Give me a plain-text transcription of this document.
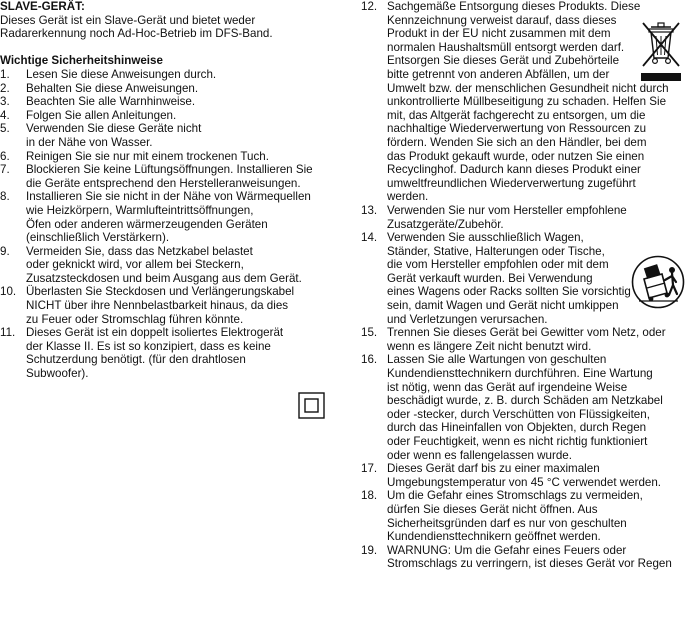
SLAVE-GERÄT:
Dieses Gerät ist ein Slave-Gerät und bietet weder
Radarerkennung noch Ad-Hoc-Betrieb im DFS-Band.
Wichtige Sicherheitshinweise
1. Lesen Sie diese Anweisungen durch.
2. Behalten Sie diese Anweisungen.
3. Beachten Sie alle Warnhinweise.
4. Folgen Sie allen Anleitungen.
5. Verwenden Sie diese Geräte nicht
in der Nähe von Wasser.
6. Reinigen Sie sie nur mit einem trockenen Tuch.
7. Blockieren Sie keine Lüftungsöffnungen. Installieren Sie
die Geräte entsprechend den Herstelleranweisungen.
8. Installieren Sie sie nicht in der Nähe von Wärmequellen
wie Heizkörpern, Warmlufteintrittsöffnungen,
Öfen oder anderen wärmerzeugenden Geräten
(einschließlich Verstärkern).
9. Vermeiden Sie, dass das Netzkabel belastet
oder geknickt wird, vor allem bei Steckern,
Zusatzsteckdosen und beim Ausgang aus dem Gerät.
10. Überlasten Sie Steckdosen und Verlängerungskabel
NICHT über ihre Nennbelastbarkeit hinaus, da dies
zu Feuer oder Stromschlag führen könnte.
11. Dieses Gerät ist ein doppelt isoliertes Elektrogerät
der Klasse II. Es ist so konzipiert, dass es keine
Schutzerdung benötigt. (für den drahtlosen
Subwoofer).
12. Sachgemäße Entsorgung dieses Produkts. Diese
Kennzeichnung verweist darauf, dass dieses
Produkt in der EU nicht zusammen mit dem
normalen Haushaltsmüll entsorgt werden darf.
Entsorgen Sie dieses Gerät und Zubehörteile
bitte getrennt von anderen Abfällen, um der
Umwelt bzw. der menschlichen Gesundheit nicht durch
unkontrollierte Müllbeseitigung zu schaden. Helfen Sie
mit, das Altgerät fachgerecht zu entsorgen, um die
nachhaltige Wiederverwertung von Ressourcen zu
fördern. Wenden Sie sich an den Händler, bei dem
das Produkt gekauft wurde, oder nutzen Sie einen
Recyclinghof. Dadurch kann dieses Produkt einer
umweltfreundlichen Wiederverwertung zugeführt
werden.
13. Verwenden Sie nur vom Hersteller empfohlene
Zusatzgeräte/Zubehör.
14. Verwenden Sie ausschließlich Wagen,
Ständer, Stative, Halterungen oder Tische,
die vom Hersteller empfohlen oder mit dem
Gerät verkauft wurden. Bei Verwendung
eines Wagens oder Racks sollten Sie vorsichtig
sein, damit Wagen und Gerät nicht umkippen
und Verletzungen verursachen.
15. Trennen Sie dieses Gerät bei Gewitter vom Netz, oder
wenn es längere Zeit nicht benutzt wird.
16. Lassen Sie alle Wartungen von geschulten
Kundendiensttechnikern durchführen. Eine Wartung
ist nötig, wenn das Gerät auf irgendeine Weise
beschädigt wurde, z. B. durch Schäden am Netzkabel
oder -stecker, durch Verschütten von Flüssigkeiten,
durch das Hineinfallen von Objekten, durch Regen
oder Feuchtigkeit, wenn es nicht richtig funktioniert
oder wenn es fallengelassen wurde.
17. Dieses Gerät darf bis zu einer maximalen
Umgebungstemperatur von 45 °C verwendet werden.
18. Um die Gefahr eines Stromschlags zu vermeiden,
dürfen Sie dieses Gerät nicht öffnen. Aus
Sicherheitsgründen darf es nur von geschulten
Kundendiensttechnikern geöffnet werden.
19. WARNUNG: Um die Gefahr eines Feuers oder
Stromschlags zu verringern, ist dieses Gerät vor Regen
